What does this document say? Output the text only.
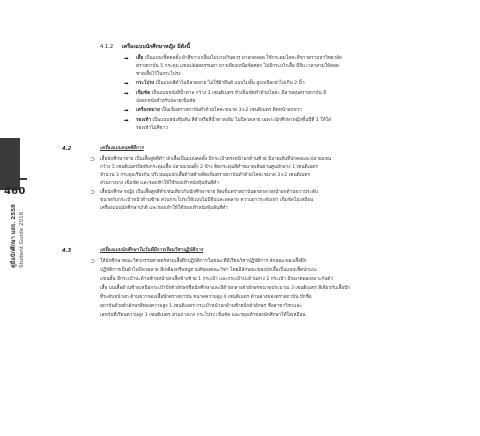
460
คู่มือนักศึกษา มสธ. 2559 Student Guide 2016
4.1.2 เครื่องแบบนักศึกษาหญิง มีดังนี้
➡ เสื้อ เป็นแบบเชิ้ตคอตั้ง ผ้าสีขาวเกลี้ยงไม่บางเกินควร ผ่าอกตลอด ใช้กระดุมโลหะสีขาวตรามหาวิทยาลัย
ตราสถาบัน 5 กระดุม แขนปล่อยธรรมดา ยาวเพียงเหนือข้อศอก ไม่มีกระเป๋าเสื้อ มีจีบ เวลาสวมให้สอด
ชายเสื้อไว้ในกระโปรง
➡ กระโปรง เป็นแบบสีดำไม่มีลวดลาย ไม่ใช้ผ้ายีนส์ แบบไม่สั้น สูงเหนือเข่าไม่เกิน 2 นิ้ว
➡ เข็มขัด เป็นแบบหนังสีน้ำตาล กว้าง 3 เซนติเมตร หัวเข็มขัดทำด้วยโลหะ มีลายดุนตราสถาบัน มี
ปลอกหนังสำหรับปลายเข็มขัด
➡ เครื่องหมาย เป็นเข็มตราสถาบันทำด้วยโลหะขนาด 3×2 เซนติเมตร ติดหน้าอกขวา
➡ รองเท้า เป็นแบบหนังหุ้มส้น สีดำหรือสีน้ำตาลเข้ม ไม่มีลวดลาย เฉพาะนักศึกษาหญิงชั้นปีที่ 1 ให้ใส่
รองเท้าไม่สีขาว
4.2	เครื่องแบบครุยพิธีการ
⊃ เสื้อนักศึกษาชาย เป็นเสื้อสูทสีดำ ปกเสื้อเป็นแบบคอตั้ง มีกระเป๋าตรงหน้าอกด้านซ้าย มีลายเส้นที่ปกคอและปลายแขน
กว้าง 5 เซนติเมตรปิดทับกระดุมเสื้อ ปลายแขนตั้ง 2 ข้าง ติดกระดุมสีดำขนาดเส้นผ่านศูนย์กลาง 1 เซนติเมตร
จำนวน 3 กระดุมเรียงกัน บริเวณมุมปกเสื้อด้านซ้ายติดเข็มตราสถาบันทำด้วยโลหะขนาด 3×2 เซนติเมตร
ส่วนกางเกง เข็มขัด และรองเท้าให้ใช้รองเท้าหนังหุ้มส้นสีดำ
⊃ เสื้อนักศึกษาหญิง เป็นเสื้อสูทสีดำเช่นเดียวกับนักศึกษาชาย ติดเข็มตราสถาบันตรงกลางหน้าอกด้านขวาประดับ
ขนาดกับกระเป๋าหน้าด้านซ้าย ส่วนกระโปรงให้แบบไม่มีจีบและลดลาย ความยาวระดับเข่า เข็มขัดไม่เหมือน
เครื่องแบบนักศึกษาปกติ และรองเท้าให้ใช้รองเท้าหนังหุ้มส้นสีดำ
4.3	เครื่องแบบนักศึกษาในวันที่มีการเรียนวิชาปฏิบัติการ
⊃ ให้นักศึกษาคณะวิศวกรรมศาสตร์สวมเสื้อฝึกปฏิบัติการในขณะที่มีเรียนวิชาปฏิบัติการ ลักษณะของเสื้อฝึก
ปฏิบัติการเป็นผ้าไม่มีลวดลาย สีเหลืองหรือหมู่ตามสีของคณะวิชา โดยมีลักษณะของปกเสื้อเป็นแบบเชิ้ตปกแบะ
แขนสั้น มีกระเป๋าปะด้านซ้ายหน้าอกเสื้อข้างซ้าย 1 กระเป๋า และกระเป๋าปะด้านล่าง 2 กระเป๋า มีขนาดพอเหมาะกับตัว
เสื้อ บนเสื้อด้านซ้ายเหนือกระเป๋าปักตัวอักษรชื่อนักศึกษาและมีด้ายกลางตัวอักษรขนาดประมาณ 3 เซนติเมตร สีเดียวกับเสื้อปัก
ที่ระดับหน้าอก ด้านขวาของเสื้อปักตราสถาบัน ขนาดความสูง 4 เซนติเมตร ด้านล่างของตราสถาบัน ปักชื่อ
สถาบันด้วยตัวอักษรสีทองความสูง 1 เซนติเมตร กระเป๋าหน้าอกด้านซ้ายปักตัวอักษร ชื่อสาขาวิชาและ
เลขรุ่นที่เรียนความสูง 1 เซนติเมตร ส่วนกางเกง กระโปรง เข็มขัด และรองเท้าของนักศึกษาให้ใส่เหมือน
